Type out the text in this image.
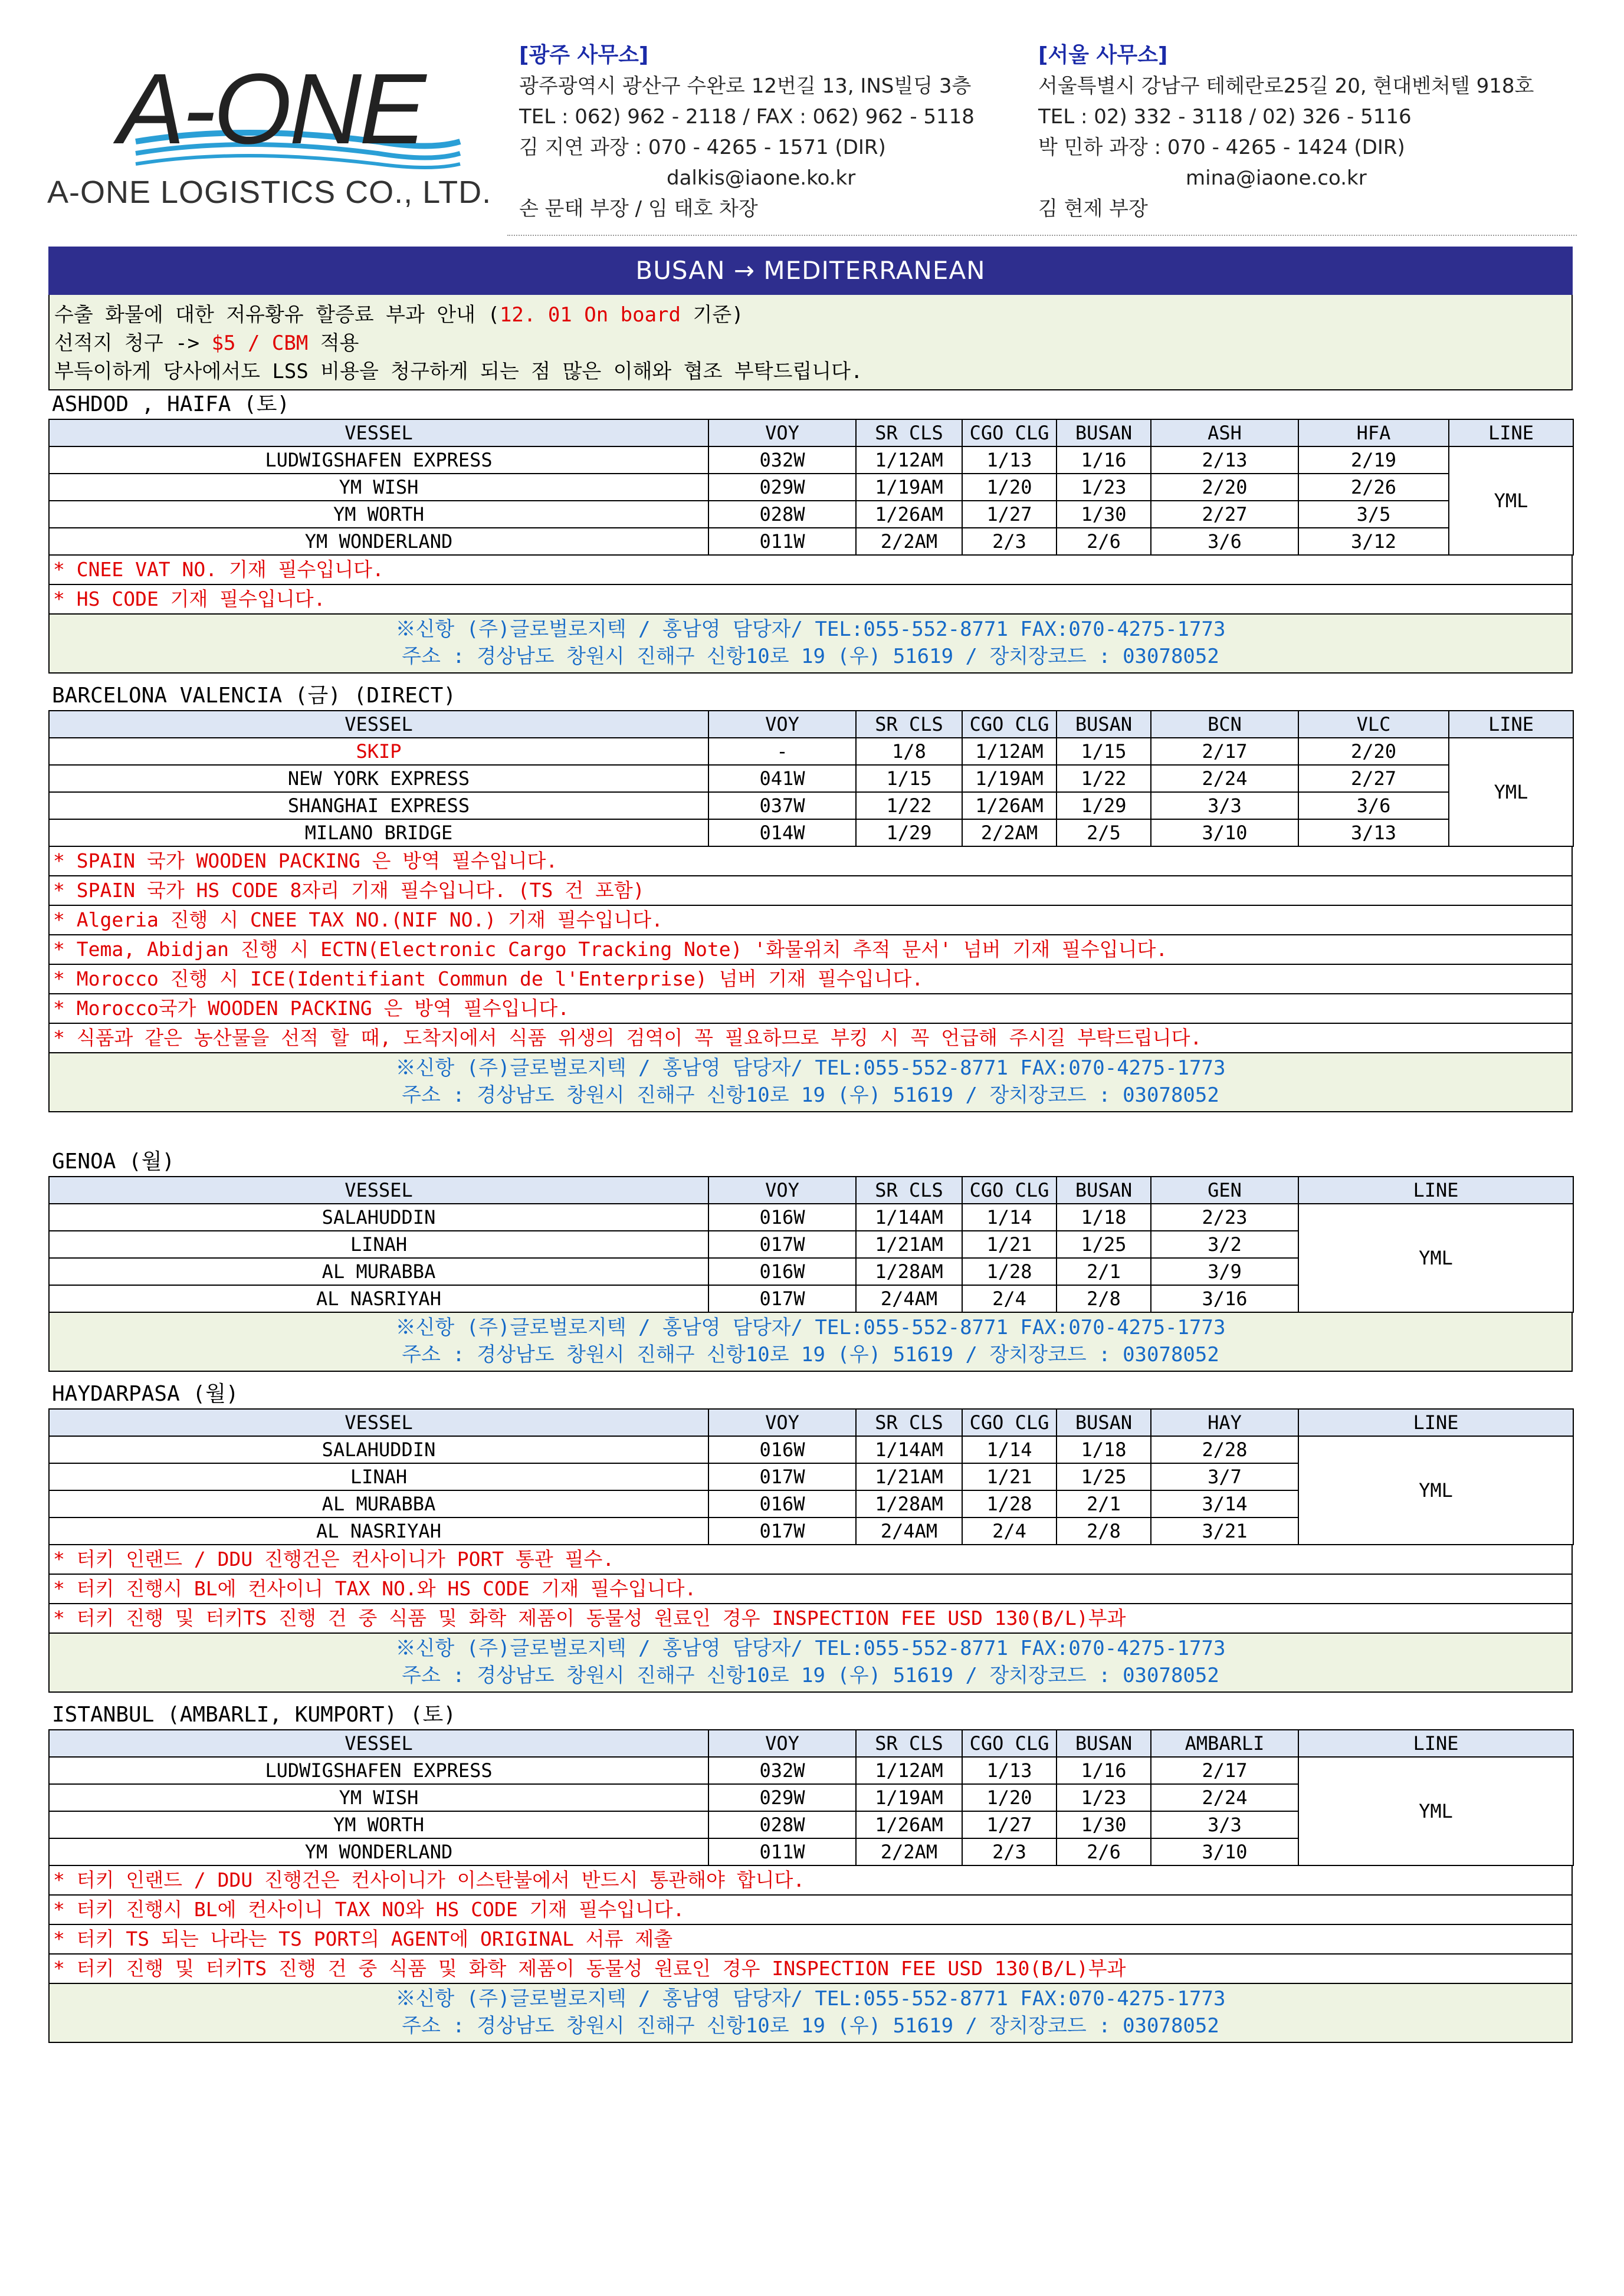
A-ONE
A-ONE LOGISTICS CO., LTD.
[광주 사무소]
광주광역시 광산구 수완로 12번길 13, INS빌딩 3층
TEL : 062) 962 - 2118 / FAX : 062) 962 - 5118
김 지연 과장 : 070 - 4265 - 1571 (DIR)
dalkis@iaone.ko.kr
손 문태 부장 / 임 태호 차장
[서울 사무소]
서울특별시 강남구 테헤란로25길 20, 현대벤처텔 918호
TEL : 02) 332 - 3118 / 02) 326 - 5116
박 민하 과장 : 070 - 4265 - 1424 (DIR)
mina@iaone.co.kr
김 현제 부장
BUSAN → MEDITERRANEAN
수출 화물에 대한 저유황유 할증료 부과 안내 (12. 01 On board 기준)
선적지 청구 -> $5 / CBM 적용
부득이하게 당사에서도 LSS 비용을 청구하게 되는 점 많은 이해와 협조 부탁드립니다.
ASHDOD , HAIFA (토)
VESSEL	VOY	SR CLS	CGO CLG	BUSAN	ASH	HFA	LINE
LUDWIGSHAFEN EXPRESS	032W	1/12AM	1/13	1/16	2/13	2/19	YML
YM WISH	029W	1/19AM	1/20	1/23	2/20	2/26	
YM WORTH	028W	1/26AM	1/27	1/30	2/27	3/5	
YM WONDERLAND	011W	2/2AM	2/3	2/6	3/6	3/12	
* CNEE VAT NO. 기재 필수입니다.
* HS CODE 기재 필수입니다.
※신항 (주)글로벌로지텍 / 홍남영 담당자/ TEL:055-552-8771 FAX:070-4275-1773
주소 : 경상남도 창원시 진해구 신항10로 19 (우) 51619 / 장치장코드 : 03078052
BARCELONA VALENCIA (금) (DIRECT)
VESSEL	VOY	SR CLS	CGO CLG	BUSAN	BCN	VLC	LINE
SKIP	-	1/8	1/12AM	1/15	2/17	2/20	YML
NEW YORK EXPRESS	041W	1/15	1/19AM	1/22	2/24	2/27	
SHANGHAI EXPRESS	037W	1/22	1/26AM	1/29	3/3	3/6	
MILANO BRIDGE	014W	1/29	2/2AM	2/5	3/10	3/13	
* SPAIN 국가 WOODEN PACKING 은 방역 필수입니다.
* SPAIN 국가 HS CODE 8자리 기재 필수입니다. (TS 건 포함)
* Algeria 진행 시 CNEE TAX NO.(NIF NO.) 기재 필수입니다.
* Tema, Abidjan 진행 시 ECTN(Electronic Cargo Tracking Note) '화물위치 추적 문서' 넘버 기재 필수입니다.
* Morocco 진행 시 ICE(Identifiant Commun de l'Enterprise) 넘버 기재 필수입니다.
* Morocco국가 WOODEN PACKING 은 방역 필수입니다.
* 식품과 같은 농산물을 선적 할 때, 도착지에서 식품 위생의 검역이 꼭 필요하므로 부킹 시 꼭 언급해 주시길 부탁드립니다.
※신항 (주)글로벌로지텍 / 홍남영 담당자/ TEL:055-552-8771 FAX:070-4275-1773
주소 : 경상남도 창원시 진해구 신항10로 19 (우) 51619 / 장치장코드 : 03078052
GENOA (월)
VESSEL	VOY	SR CLS	CGO CLG	BUSAN	GEN	LINE
SALAHUDDIN	016W	1/14AM	1/14	1/18	2/23	YML
LINAH	017W	1/21AM	1/21	1/25	3/2	
AL MURABBA	016W	1/28AM	1/28	2/1	3/9	
AL NASRIYAH	017W	2/4AM	2/4	2/8	3/16	
※신항 (주)글로벌로지텍 / 홍남영 담당자/ TEL:055-552-8771 FAX:070-4275-1773
주소 : 경상남도 창원시 진해구 신항10로 19 (우) 51619 / 장치장코드 : 03078052
HAYDARPASA (월)
VESSEL	VOY	SR CLS	CGO CLG	BUSAN	HAY	LINE
SALAHUDDIN	016W	1/14AM	1/14	1/18	2/28	YML
LINAH	017W	1/21AM	1/21	1/25	3/7	
AL MURABBA	016W	1/28AM	1/28	2/1	3/14	
AL NASRIYAH	017W	2/4AM	2/4	2/8	3/21	
* 터키 인랜드 / DDU 진행건은 컨사이니가 PORT 통관 필수.
* 터키 진행시 BL에 컨사이니 TAX NO.와 HS CODE 기재 필수입니다.
* 터키 진행 및 터키TS 진행 건 중 식품 및 화학 제품이 동물성 원료인 경우 INSPECTION FEE USD 130(B/L)부과
※신항 (주)글로벌로지텍 / 홍남영 담당자/ TEL:055-552-8771 FAX:070-4275-1773
주소 : 경상남도 창원시 진해구 신항10로 19 (우) 51619 / 장치장코드 : 03078052
ISTANBUL (AMBARLI, KUMPORT) (토)
VESSEL	VOY	SR CLS	CGO CLG	BUSAN	AMBARLI	LINE
LUDWIGSHAFEN EXPRESS	032W	1/12AM	1/13	1/16	2/17	YML
YM WISH	029W	1/19AM	1/20	1/23	2/24	
YM WORTH	028W	1/26AM	1/27	1/30	3/3	
YM WONDERLAND	011W	2/2AM	2/3	2/6	3/10	
* 터키 인랜드 / DDU 진행건은 컨사이니가 이스탄불에서 반드시 통관해야 합니다.
* 터키 진행시 BL에 컨사이니 TAX NO와 HS CODE 기재 필수입니다.
* 터키 TS 되는 나라는 TS PORT의 AGENT에 ORIGINAL 서류 제출
* 터키 진행 및 터키TS 진행 건 중 식품 및 화학 제품이 동물성 원료인 경우 INSPECTION FEE USD 130(B/L)부과
※신항 (주)글로벌로지텍 / 홍남영 담당자/ TEL:055-552-8771 FAX:070-4275-1773
주소 : 경상남도 창원시 진해구 신항10로 19 (우) 51619 / 장치장코드 : 03078052
